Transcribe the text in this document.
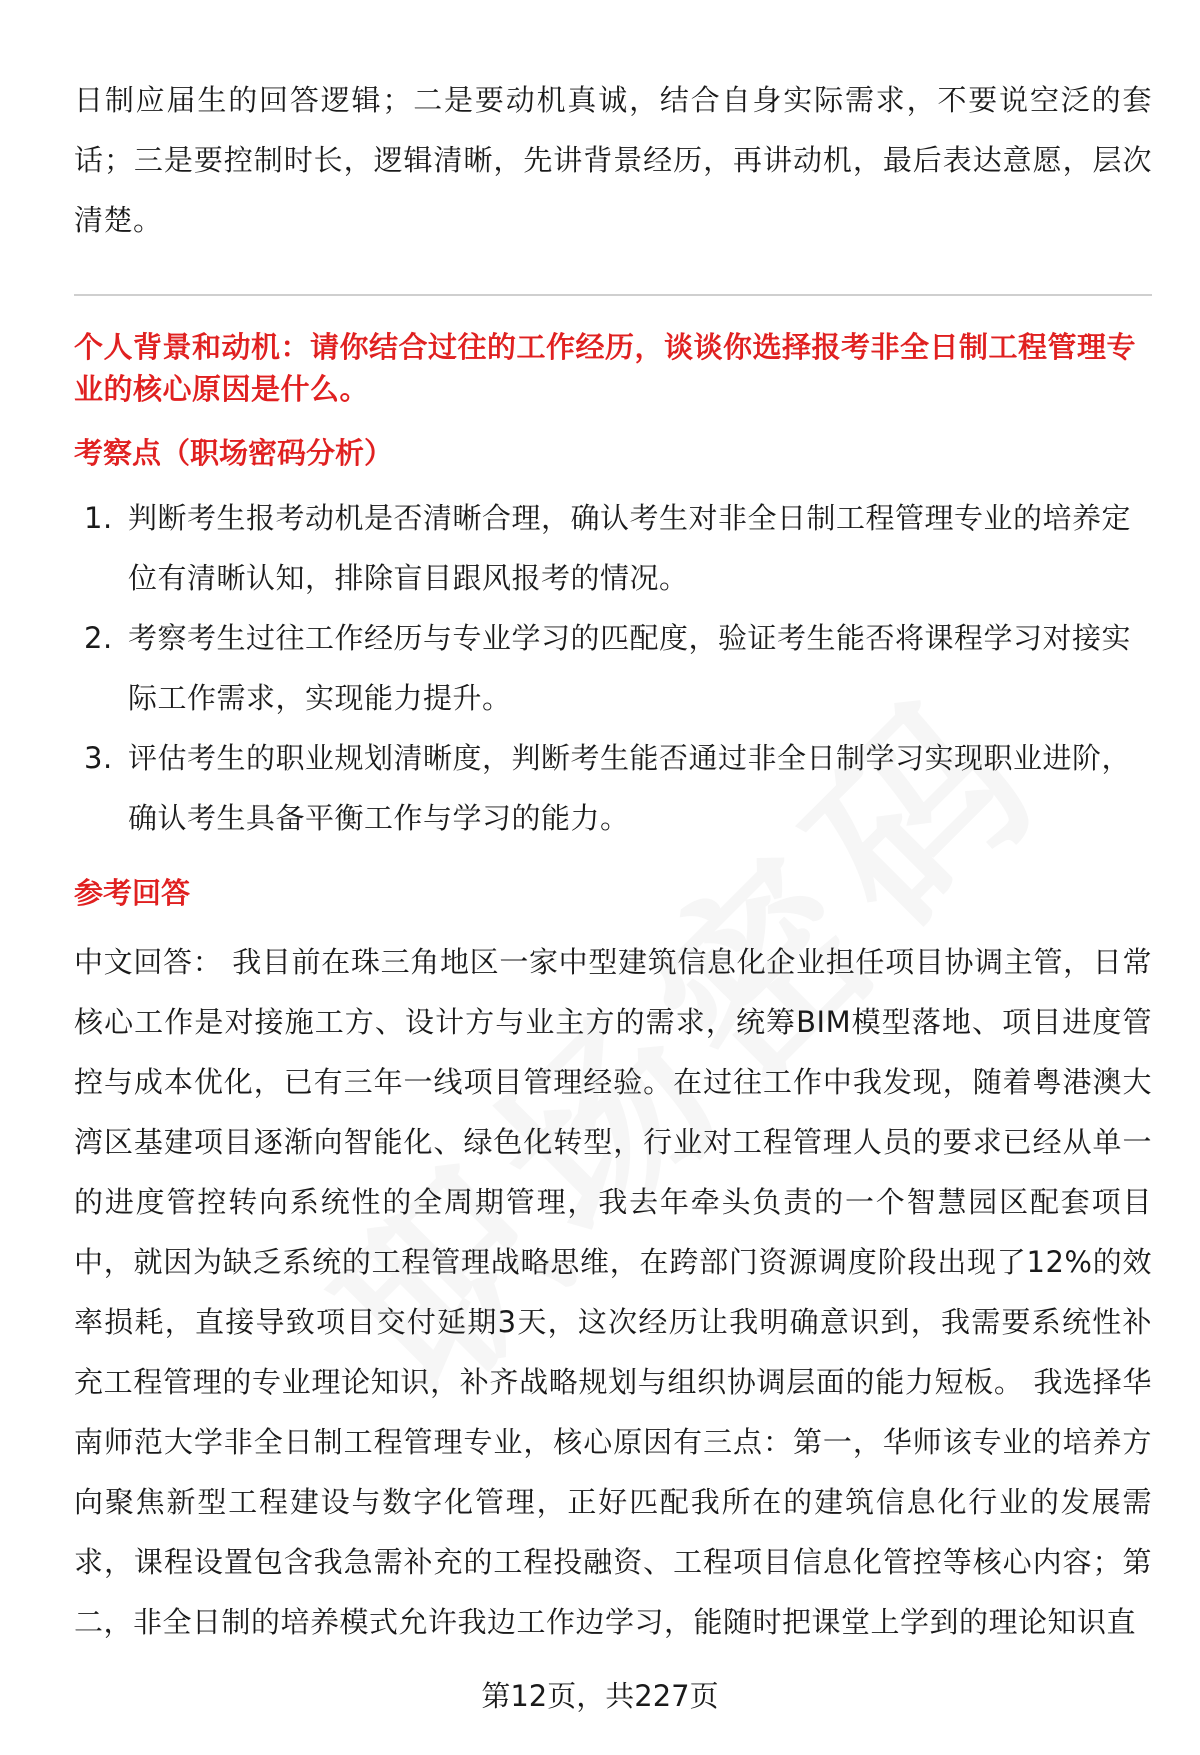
日制应届生的回答逻辑；二是要动机真诚，结合自身实际需求，不要说空泛的套话；三是要控制时长，逻辑清晰，先讲背景经历，再讲动机，最后表达意愿，层次清楚。

个人背景和动机：请你结合过往的工作经历，谈谈你选择报考非全日制工程管理专业的核心原因是什么。

考察点（职场密码分析）
1. 判断考生报考动机是否清晰合理，确认考生对非全日制工程管理专业的培养定位有清晰认知，排除盲目跟风报考的情况。
2. 考察考生过往工作经历与专业学习的匹配度，验证考生能否将课程学习对接实际工作需求，实现能力提升。
3. 评估考生的职业规划清晰度，判断考生能否通过非全日制学习实现职业进阶，确认考生具备平衡工作与学习的能力。
参考回答

中文回答： 我目前在珠三角地区一家中型建筑信息化企业担任项目协调主管，日常核心工作是对接施工方、设计方与业主方的需求，统筹BIM模型落地、项目进度管控与成本优化，已有三年一线项目管理经验。在过往工作中我发现，随着粤港澳大湾区基建项目逐渐向智能化、绿色化转型，行业对工程管理人员的要求已经从单一的进度管控转向系统性的全周期管理，我去年牵头负责的一个智慧园区配套项目中，就因为缺乏系统的工程管理战略思维，在跨部门资源调度阶段出现了12%的效率损耗，直接导致项目交付延期3天，这次经历让我明确意识到，我需要系统性补充工程管理的专业理论知识，补齐战略规划与组织协调层面的能力短板。 我选择华南师范大学非全日制工程管理专业，核心原因有三点：第一，华师该专业的培养方向聚焦新型工程建设与数字化管理，正好匹配我所在的建筑信息化行业的发展需求，课程设置包含我急需补充的工程投融资、工程项目信息化管控等核心内容；第二，非全日制的培养模式允许我边工作边学习，能随时把课堂上学到的理论知识直

第12页，共227页
